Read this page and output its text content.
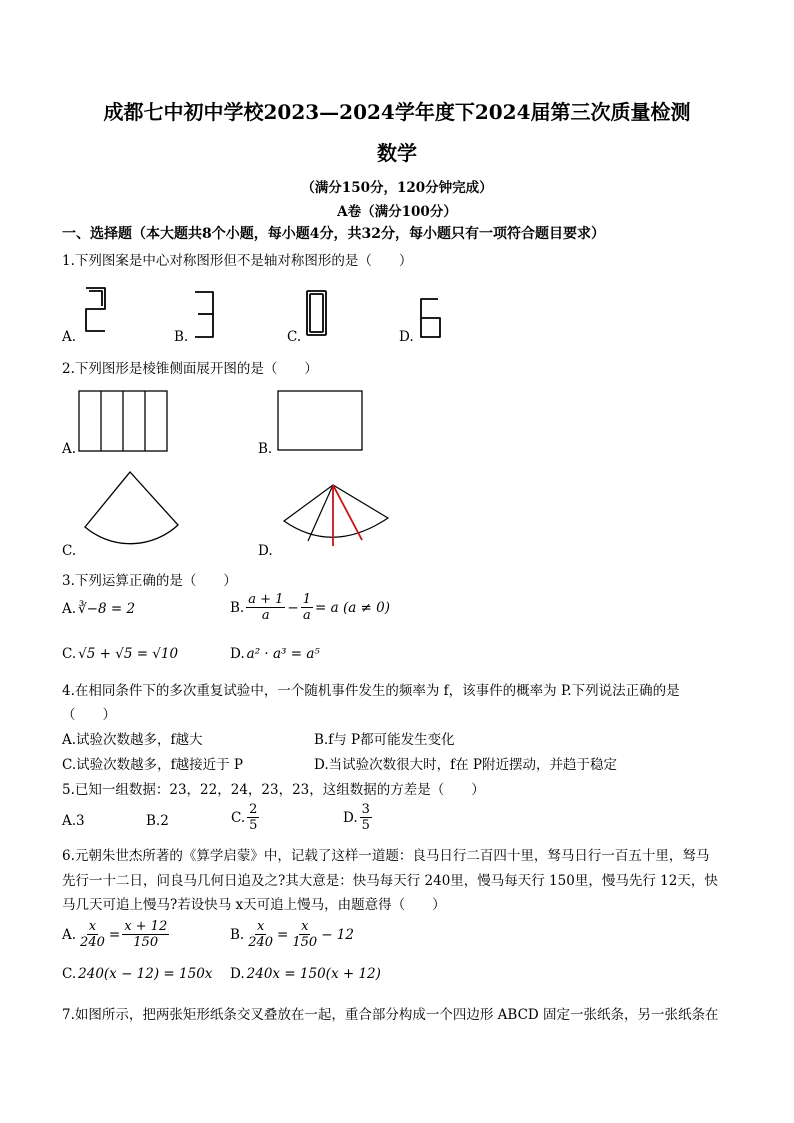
成都七中初中学校2023—2024学年度下2024届第三次质量检测
数学
（满分150分，120分钟完成）
A卷（满分100分）
一、选择题（本大题共8个小题，每小题4分，共32分，每小题只有一项符合题目要求）
1.下列图案是中心对称图形但不是轴对称图形的是（　　）
A.	B.	C.	D.
2.下列图形是棱锥侧面展开图的是（　　）
A.	B.
C.	D.
3.下列运算正确的是（　　）
A. ∛−8 = 2	B. $\frac{a + 1}{a} - \frac{1}{a} = a$ (a ≠ 0)
C. √5 + √5 = √10	D. a² · a³ = a⁵
4.在相同条件下的多次重复试验中，一个随机事件发生的频率为 f，该事件的概率为 P.下列说法正确的是
（　　）
A.试验次数越多，f越大	B.f与 P都可能发生变化
C.试验次数越多，f越接近于 P	D.当试验次数很大时，f在 P附近摆动，并趋于稳定
5.已知一组数据：23，22，24，23，23，这组数据的方差是（　　）
A.3	B.2	C. $\frac{2}{5}$	D. $\frac{3}{5}$
6.元朝朱世杰所著的《算学启蒙》中，记载了这样一道题：良马日行二百四十里，驽马日行一百五十里，驽马
先行一十二日，问良马几何日追及之?其大意是：快马每天行 240里，慢马每天行 150里，慢马先行 12天，快
马几天可追上慢马?若设快马 x天可追上慢马，由题意得（　　）
A. $\frac{x}{240} = \frac{x + 12}{150}$	B. $\frac{x}{240} = \frac{x}{150} - 12$
C. 240(x − 12) = 150x D. 240x = 150(x + 12)
7.如图所示，把两张矩形纸条交叉叠放在一起，重合部分构成一个四边形 ABCD 固定一张纸条，另一张纸条在
